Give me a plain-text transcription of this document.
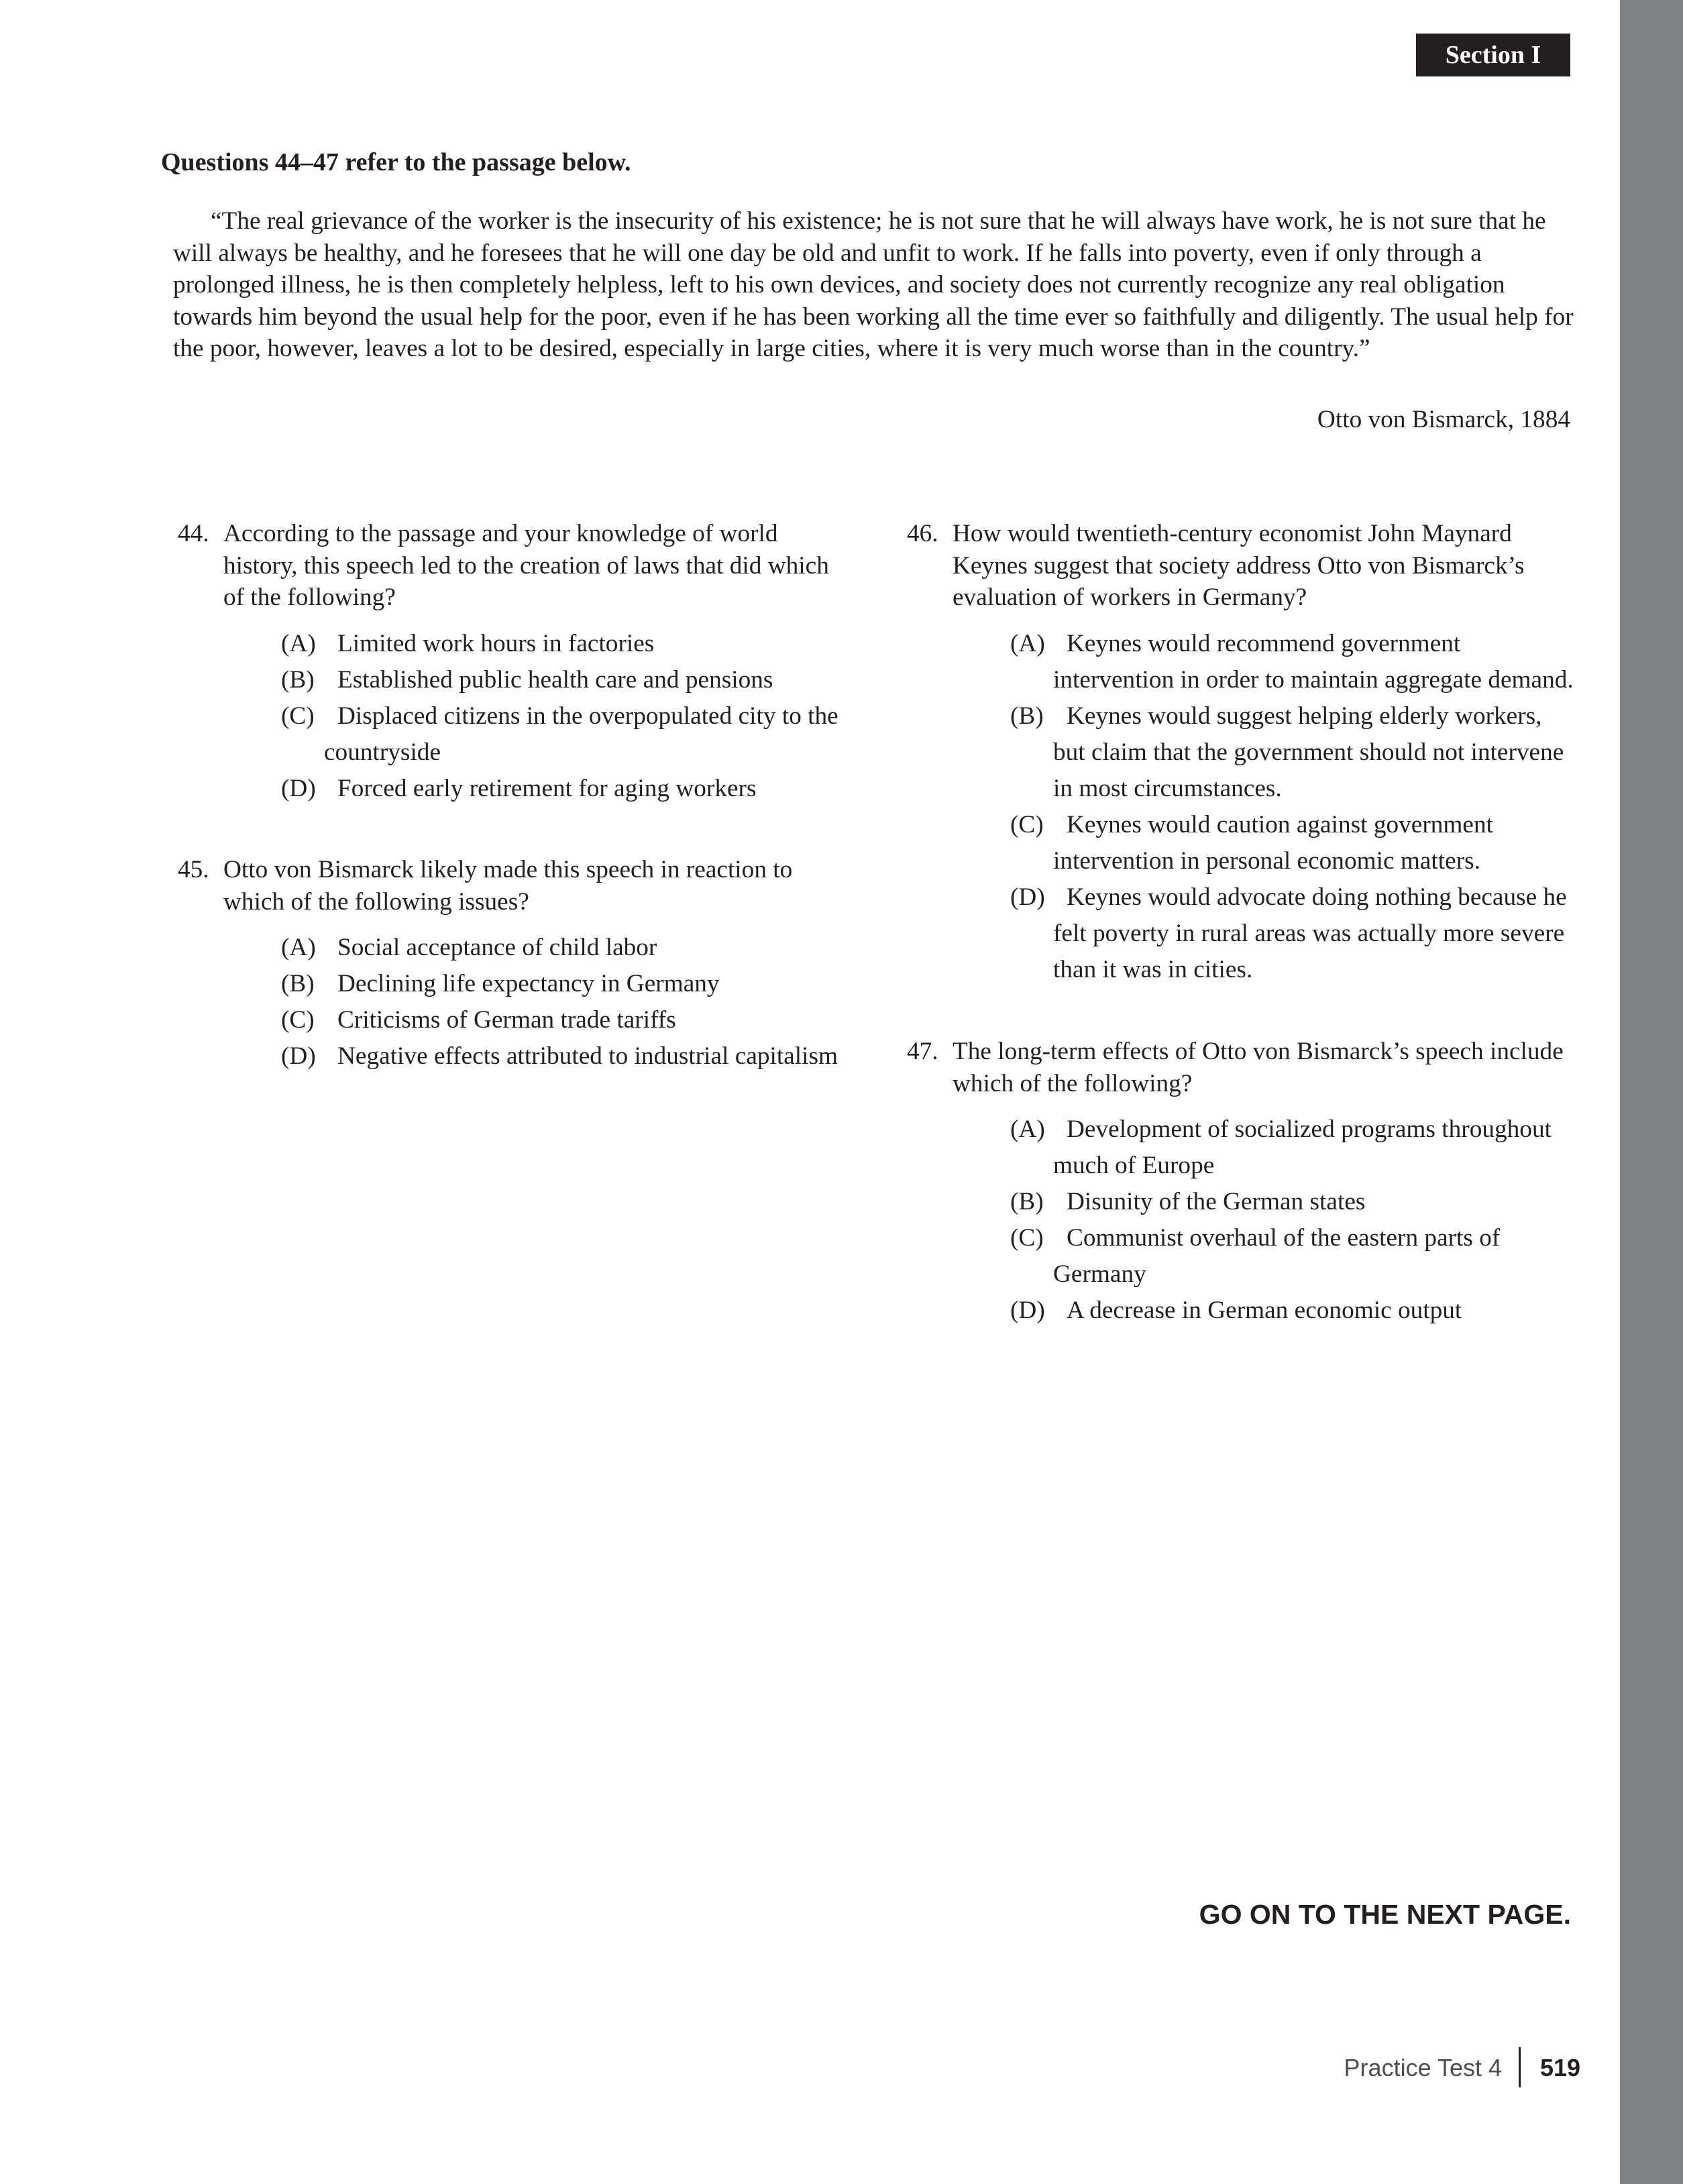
Section I
Questions 44–47 refer to the passage below.
“The real grievance of the worker is the insecurity of his existence; he is not sure that he will always have work, he is not sure that he will always be healthy, and he foresees that he will one day be old and unfit to work. If he falls into poverty, even if only through a prolonged illness, he is then completely helpless, left to his own devices, and society does not currently recognize any real obligation towards him beyond the usual help for the poor, even if he has been working all the time ever so faithfully and diligently. The usual help for the poor, however, leaves a lot to be desired, especially in large cities, where it is very much worse than in the country.”
Otto von Bismarck, 1884
44. According to the passage and your knowledge of world history, this speech led to the creation of laws that did which of the following?
(A) Limited work hours in factories
(B) Established public health care and pensions
(C) Displaced citizens in the overpopulated city to the countryside
(D) Forced early retirement for aging workers
45. Otto von Bismarck likely made this speech in reaction to which of the following issues?
(A) Social acceptance of child labor
(B) Declining life expectancy in Germany
(C) Criticisms of German trade tariffs
(D) Negative effects attributed to industrial capitalism
46. How would twentieth-century economist John Maynard Keynes suggest that society address Otto von Bismarck’s evaluation of workers in Germany?
(A) Keynes would recommend government intervention in order to maintain aggregate demand.
(B) Keynes would suggest helping elderly workers, but claim that the government should not intervene in most circumstances.
(C) Keynes would caution against government intervention in personal economic matters.
(D) Keynes would advocate doing nothing because he felt poverty in rural areas was actually more severe than it was in cities.
47. The long-term effects of Otto von Bismarck’s speech include which of the following?
(A) Development of socialized programs throughout much of Europe
(B) Disunity of the German states
(C) Communist overhaul of the eastern parts of Germany
(D) A decrease in German economic output
GO ON TO THE NEXT PAGE.
Practice Test 4 519
